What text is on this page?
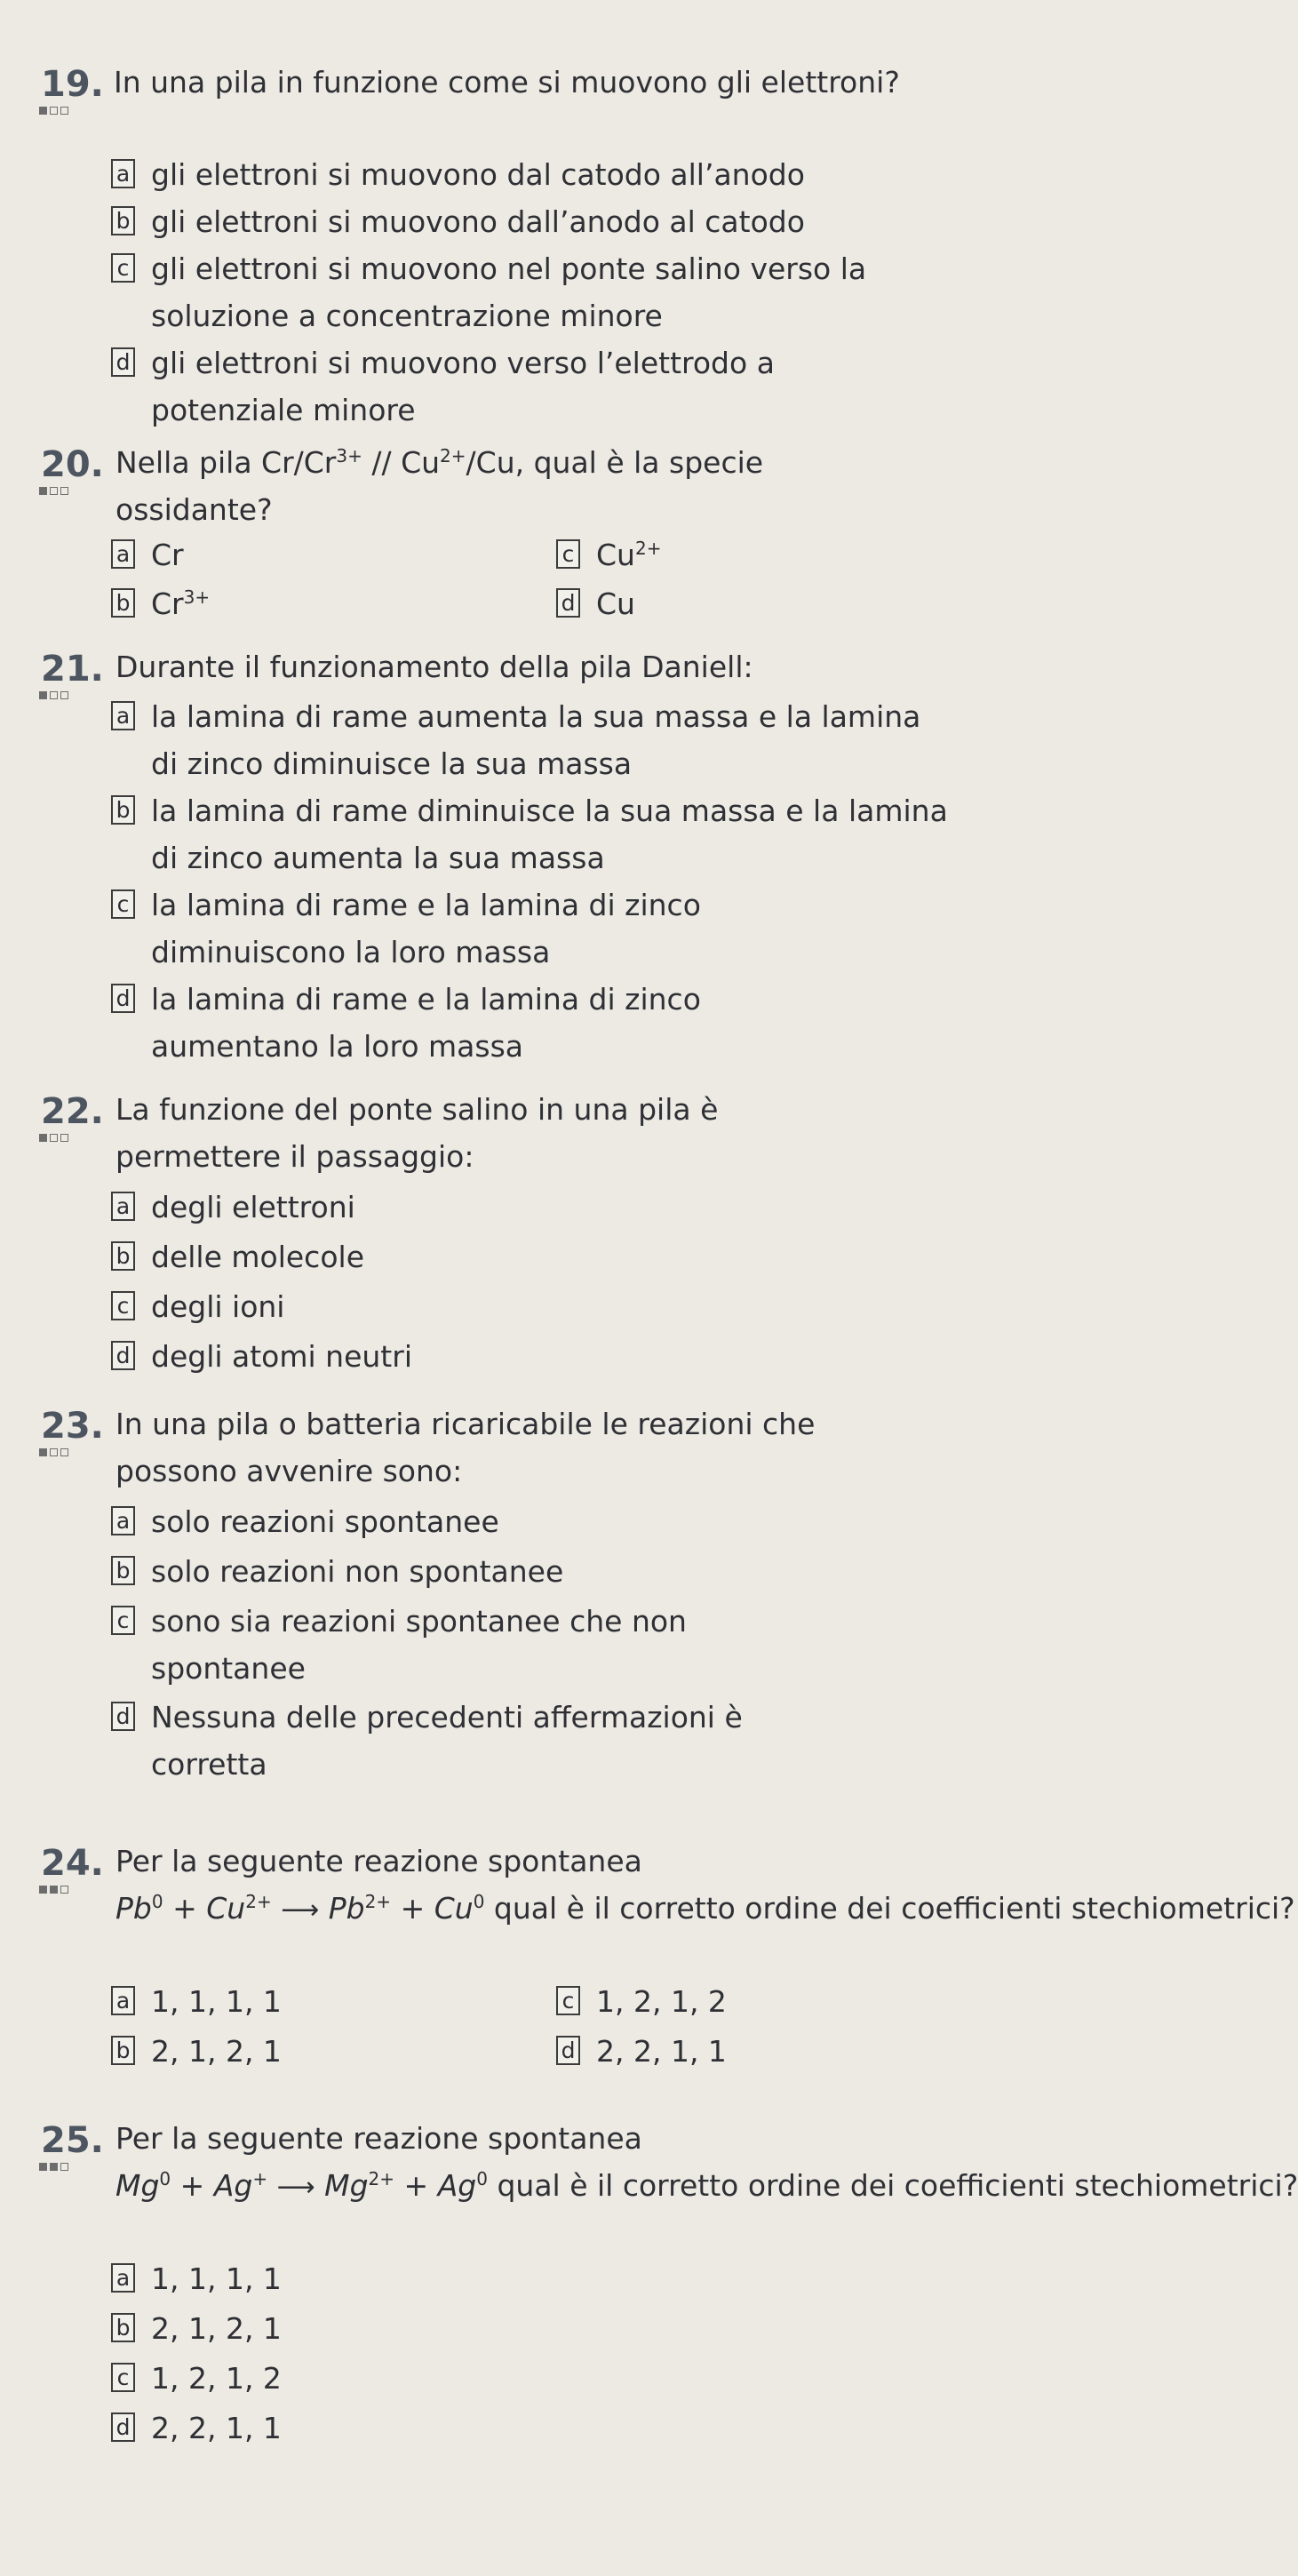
19. In una pila in funzione come si muovono gli elettroni?
a gli elettroni si muovono dal catodo all’anodo
b gli elettroni si muovono dall’anodo al catodo
c gli elettroni si muovono nel ponte salino verso la soluzione a concentrazione minore
d gli elettroni si muovono verso l’elettrodo a potenziale minore
20. Nella pila $Cr/Cr^{3+} // Cu^{2+}/Cu$, qual è la specie ossidante?
a Cr
b $Cr^{3+}$
c $Cu^{2+}$
d Cu
21. Durante il funzionamento della pila Daniell:
a la lamina di rame aumenta la sua massa e la lamina di zinco diminuisce la sua massa
b la lamina di rame diminuisce la sua massa e la lamina di zinco aumenta la sua massa
c la lamina di rame e la lamina di zinco diminuiscono la loro massa
d la lamina di rame e la lamina di zinco aumentano la loro massa
22. La funzione del ponte salino in una pila è permettere il passaggio:
a degli elettroni
b delle molecole
c degli ioni
d degli atomi neutri
23. In una pila o batteria ricaricabile le reazioni che possono avvenire sono:
a solo reazioni spontanee
b solo reazioni non spontanee
c sono sia reazioni spontanee che non spontanee
d Nessuna delle precedenti affermazioni è corretta
24. Per la seguente reazione spontanea
$Pb^0 + Cu^{2+}$ ⟶ $Pb^{2+} + Cu^0$ qual è il corretto ordine dei coefficienti stechiometrici?
a 1, 1, 1, 1
b 2, 1, 2, 1
c 1, 2, 1, 2
d 2, 2, 1, 1
25. Per la seguente reazione spontanea
$Mg^0 + Ag^+$ ⟶ $Mg^{2+} + Ag^0$ qual è il corretto ordine dei coefficienti stechiometrici?
a 1, 1, 1, 1
b 2, 1, 2, 1
c 1, 2, 1, 2
d 2, 2, 1, 1
